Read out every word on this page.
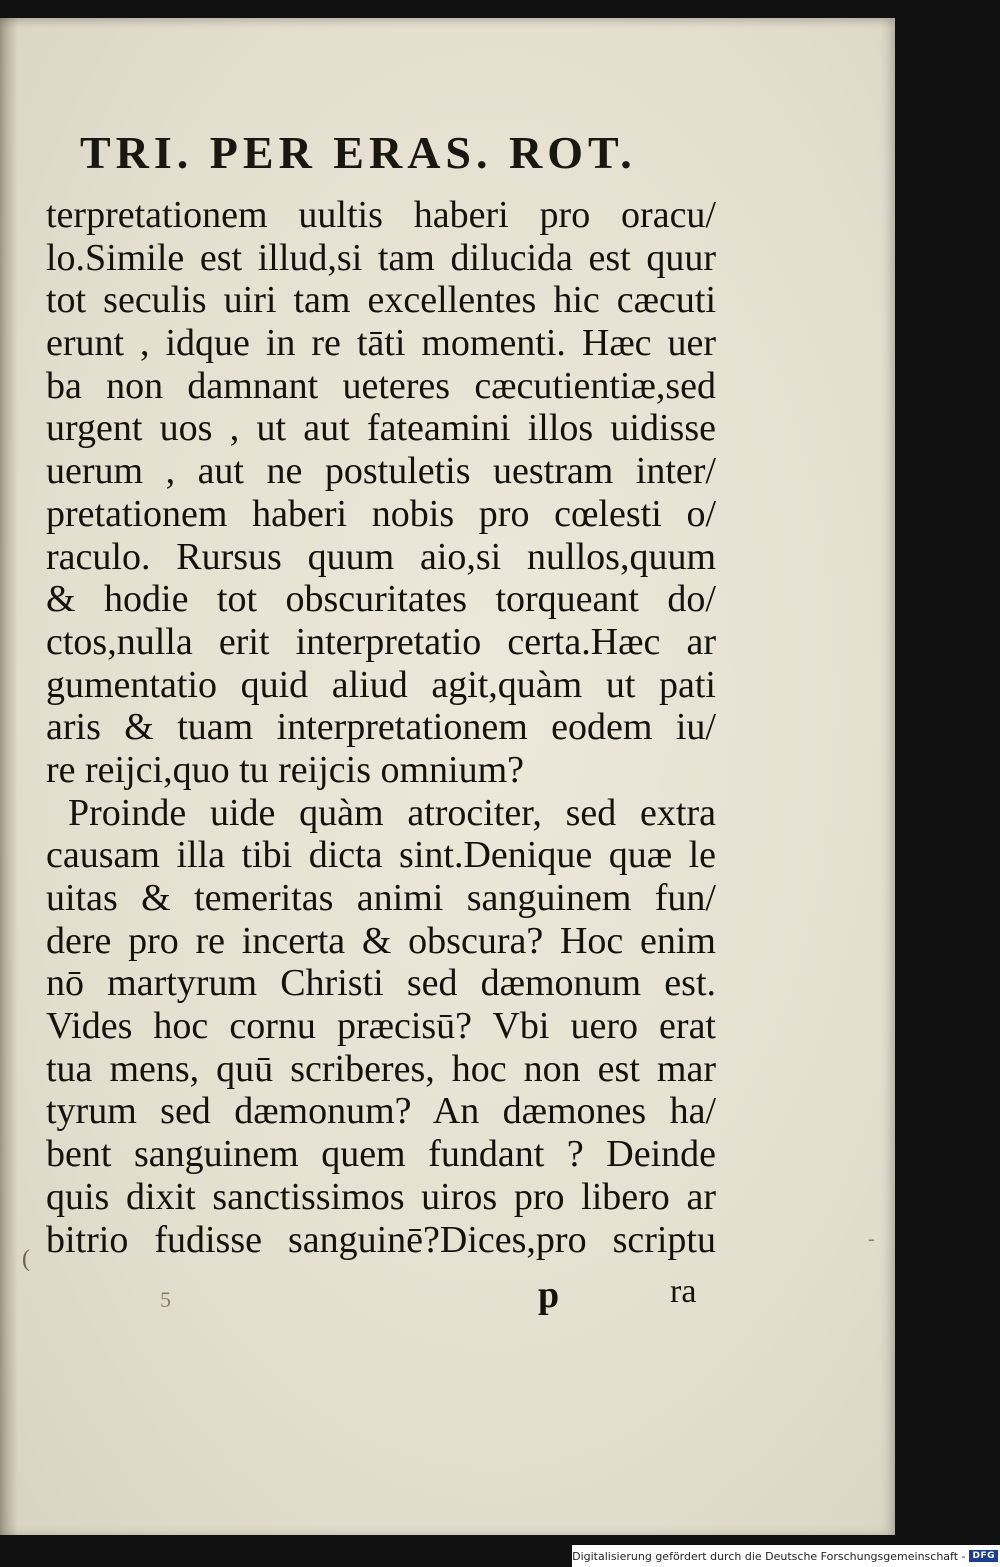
TRI. PER ERAS. ROT.
terpretationem uultis haberi pro oracu/
lo.Simile est illud,si tam dilucida est quur
tot seculis uiri tam excellentes hic cæcuti
erunt , idque in re tāti momenti. Hæc uer
ba non damnant ueteres cæcutientiæ,sed
urgent uos , ut aut fateamini illos uidisse
uerum , aut ne postuletis uestram inter/
pretationem haberi nobis pro cœlesti o/
raculo. Rursus quum aio,si nullos,quum
& hodie tot obscuritates torqueant do/
ctos,nulla erit interpretatio certa.Hæc ar
gumentatio quid aliud agit,quàm ut pati
aris & tuam interpretationem eodem iu/
re reijci,quo tu reijcis omnium?
Proinde uide quàm atrociter, sed extra
causam illa tibi dicta sint.Denique quæ le
uitas & temeritas animi sanguinem fun/
dere pro re incerta & obscura? Hoc enim
nō martyrum Christi sed dæmonum est.
Vides hoc cornu præcisū? Vbi uero erat
tua mens, quū scriberes, hoc non est mar
tyrum sed dæmonum? An dæmones ha/
bent sanguinem quem fundant ? Deinde
quis dixit sanctissimos uiros pro libero ar
bitrio fudisse sanguinē?Dices,pro scriptu
(
-
5	p	ra
Digitalisierung gefördert durch die Deutsche Forschungsgemeinschaft - DFG
